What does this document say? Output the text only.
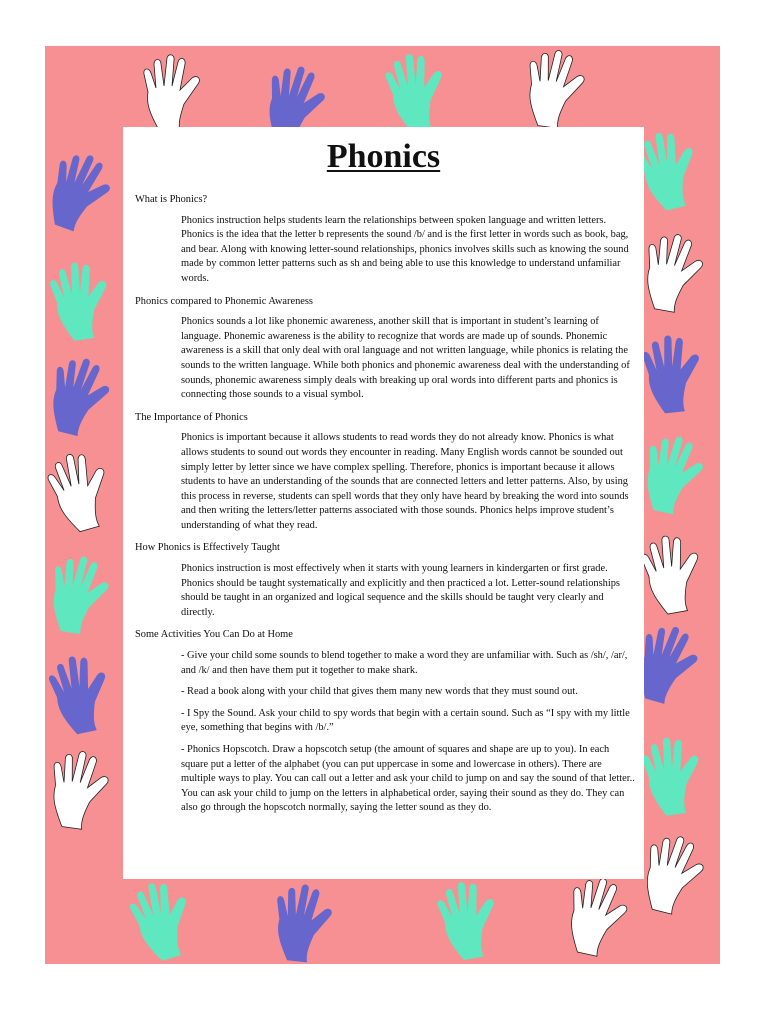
Phonics

What is Phonics?

Phonics instruction helps students learn the relationships between spoken language and written letters. Phonics is the idea that the letter b represents the sound /b/ and is the first letter in words such as book, bag, and bear. Along with knowing letter-sound relationships, phonics involves skills such as knowing the sound made by common letter patterns such as sh and being able to use this knowledge to understand unfamiliar words.

Phonics compared to Phonemic Awareness

Phonics sounds a lot like phonemic awareness, another skill that is important in student’s learning of language. Phonemic awareness is the ability to recognize that words are made up of sounds. Phonemic awareness is a skill that only deal with oral language and not written language, while phonics is relating the sounds to the written language. While both phonics and phonemic awareness deal with the understanding of sounds, phonemic awareness simply deals with breaking up oral words into different parts and phonics is connecting those sounds to a visual symbol.

The Importance of Phonics

Phonics is important because it allows students to read words they do not already know. Phonics is what allows students to sound out words they encounter in reading. Many English words cannot be sounded out simply letter by letter since we have complex spelling. Therefore, phonics is important because it allows students to have an understanding of the sounds that are connected letters and letter patterns. Also, by using this process in reverse, students can spell words that they only have heard by breaking the word into sounds and then writing the letters/letter patterns associated with those sounds. Phonics helps improve student’s understanding of what they read.

How Phonics is Effectively Taught

Phonics instruction is most effectively when it starts with young learners in kindergarten or first grade. Phonics should be taught systematically and explicitly and then practiced a lot. Letter-sound relationships should be taught in an organized and logical sequence and the skills should be taught very clearly and directly.

Some Activities You Can Do at Home

- Give your child some sounds to blend together to make a word they are unfamiliar with. Such as /sh/, /ar/, and /k/ and then have them put it together to make shark.

- Read a book along with your child that gives them many new words that they must sound out.

- I Spy the Sound. Ask your child to spy words that begin with a certain sound. Such as “I spy with my little eye, something that begins with /b/.”

- Phonics Hopscotch. Draw a hopscotch setup (the amount of squares and shape are up to you). In each square put a letter of the alphabet (you can put uppercase in some and lowercase in others). There are multiple ways to play. You can call out a letter and ask your child to jump on and say the sound of that letter.. You can ask your child to jump on the letters in alphabetical order, saying their sound as they do. They can also go through the hopscotch normally, saying the letter sound as they do.
